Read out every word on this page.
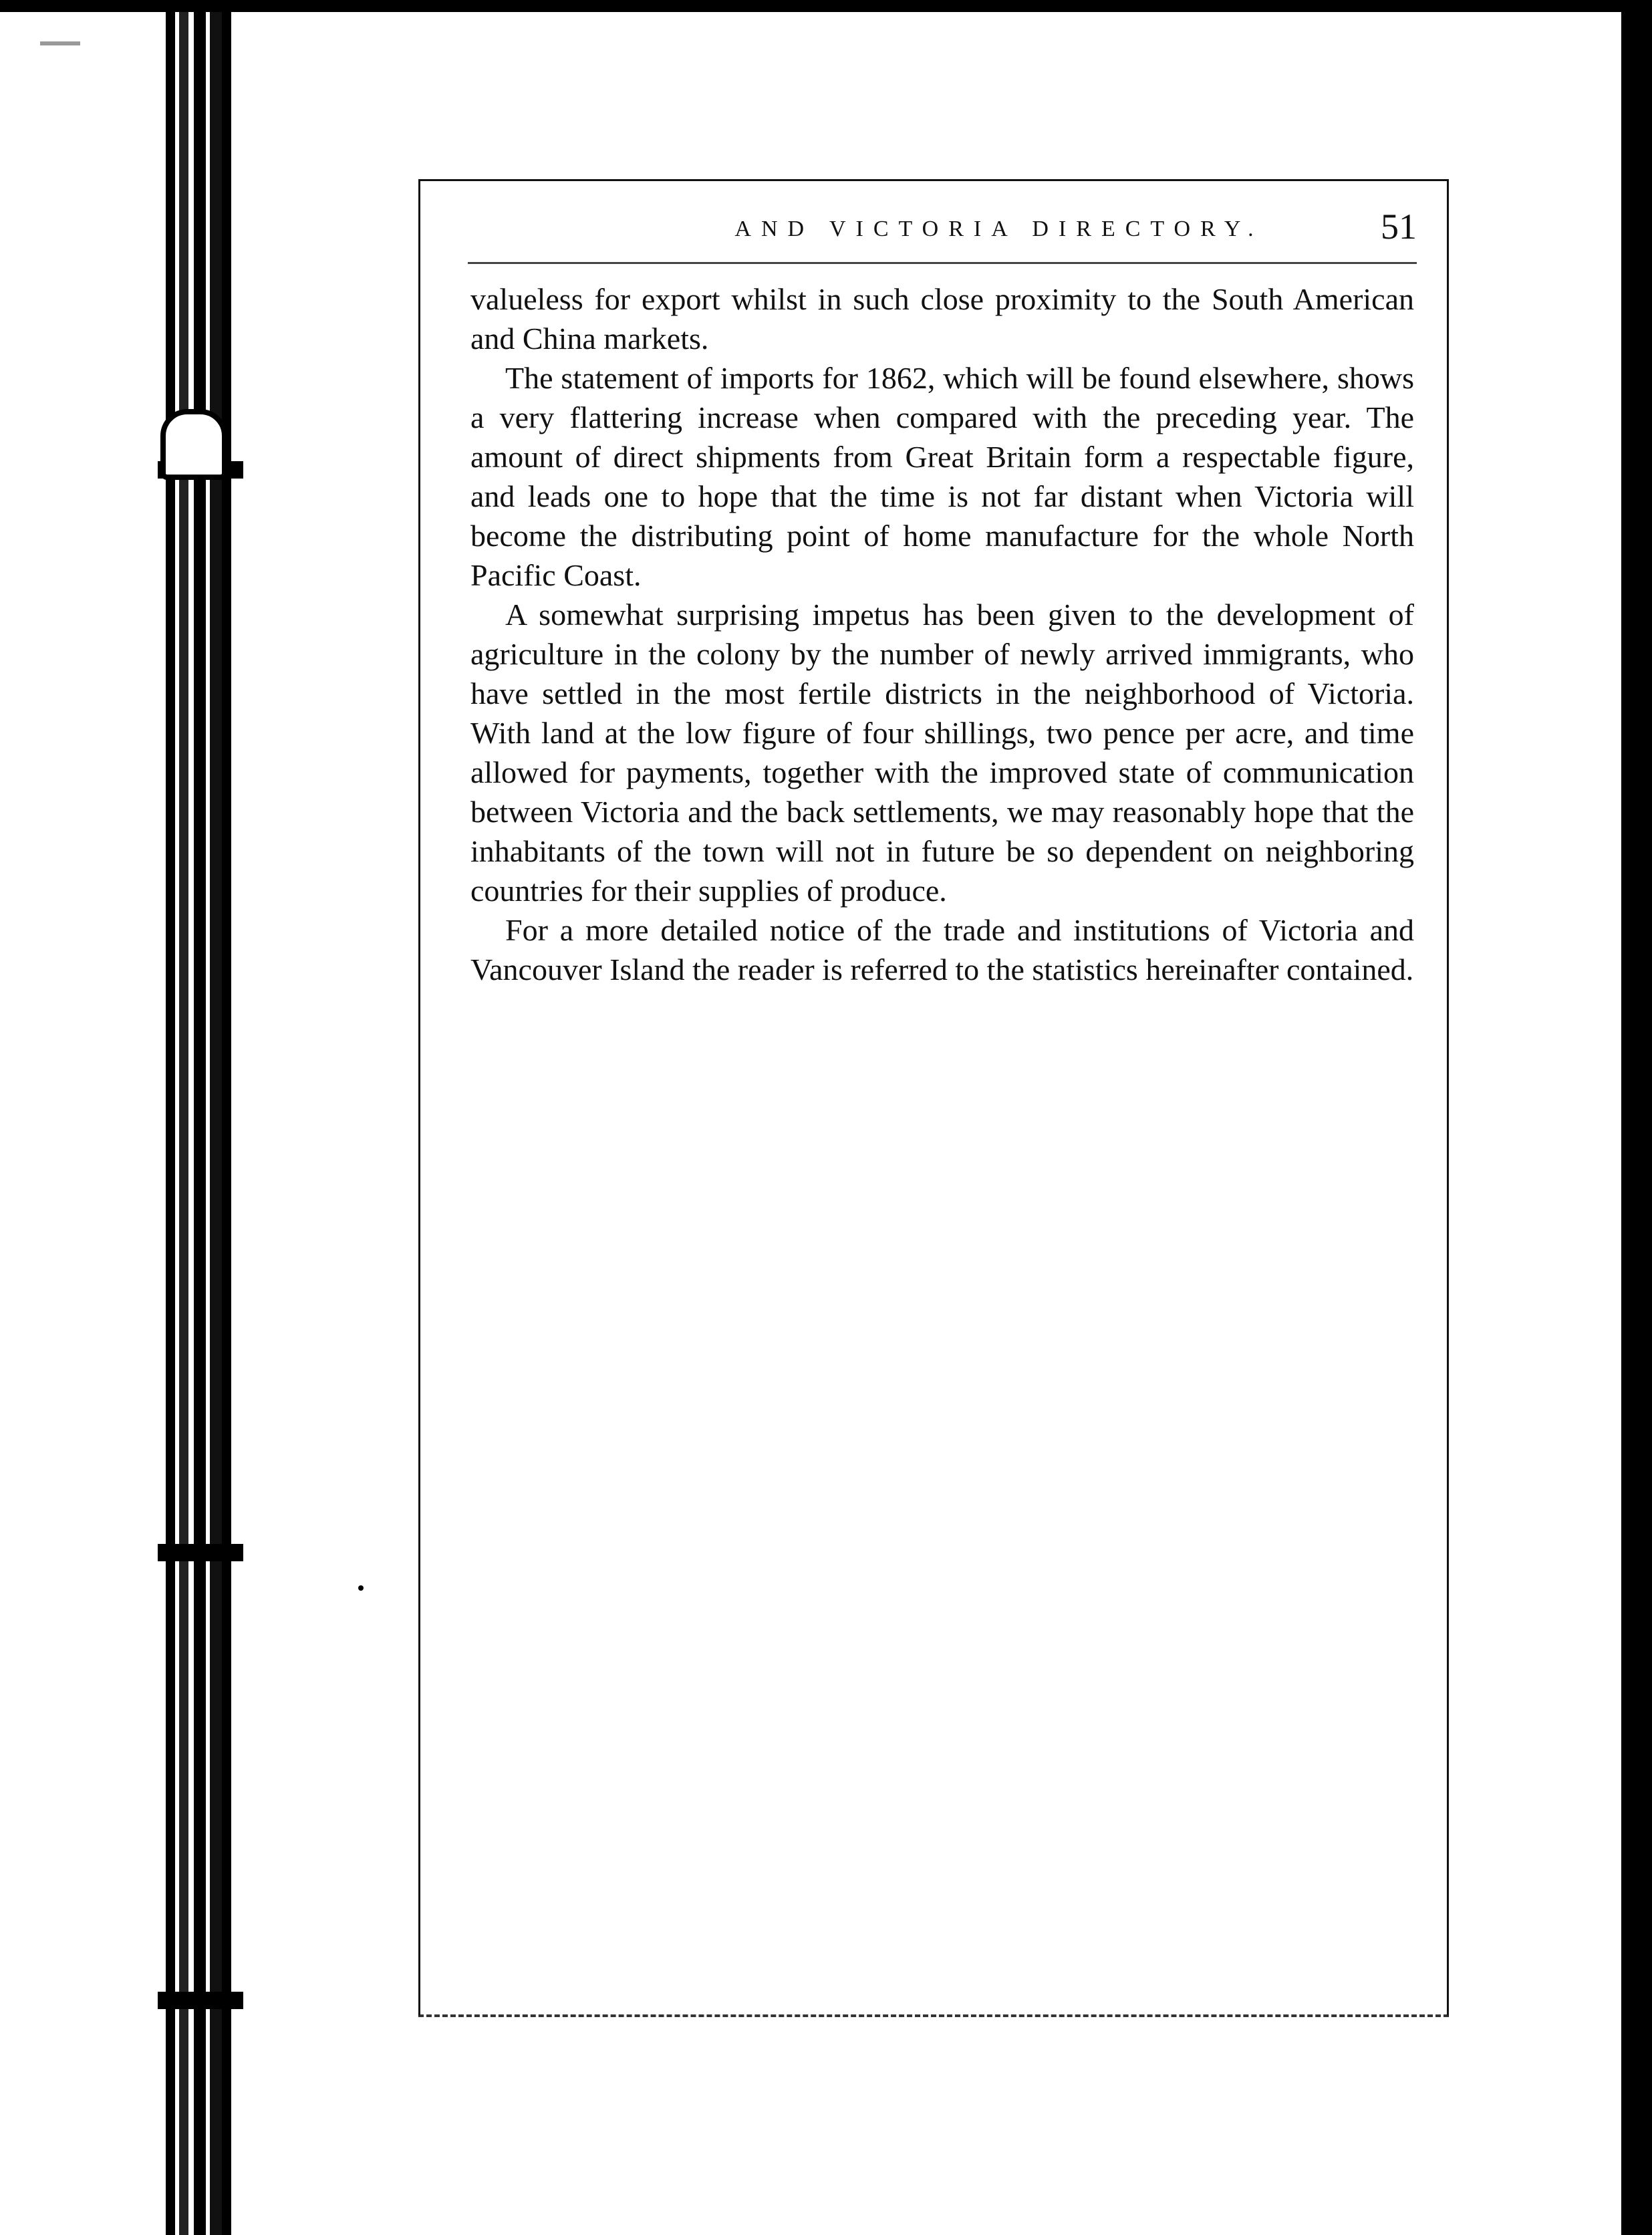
AND VICTORIA DIRECTORY.	51

valueless for export whilst in such close proximity to the South American and China markets.

The statement of imports for 1862, which will be found elsewhere, shows a very flattering increase when compared with the preceding year. The amount of direct shipments from Great Britain form a respectable figure, and leads one to hope that the time is not far distant when Victoria will become the distributing point of home manufacture for the whole North Pacific Coast.

A somewhat surprising impetus has been given to the development of agriculture in the colony by the number of newly arrived immigrants, who have settled in the most fertile districts in the neighborhood of Victoria. With land at the low figure of four shillings, two pence per acre, and time allowed for payments, together with the improved state of communication between Victoria and the back settlements, we may reasonably hope that the inhabitants of the town will not in future be so dependent on neighboring countries for their supplies of produce.

For a more detailed notice of the trade and institutions of Victoria and Vancouver Island the reader is referred to the statistics hereinafter contained.
